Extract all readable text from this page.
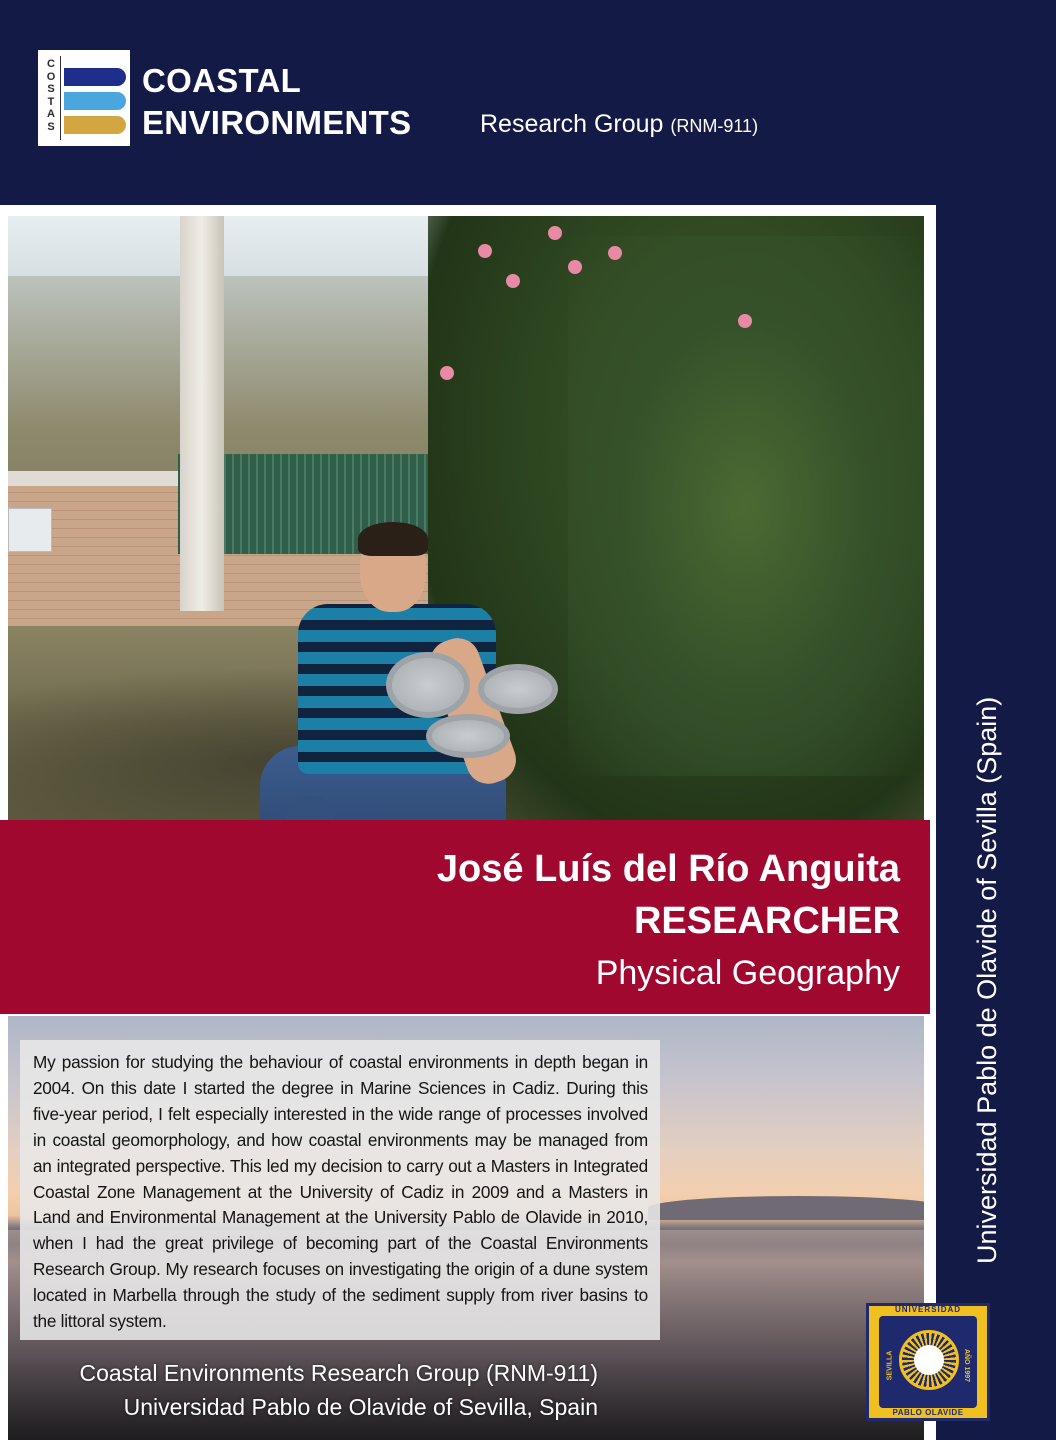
C
O
S
T
A
S
COASTAL
ENVIRONMENTS	Research Group (RNM-911)
José Luís del Río Anguita
RESEARCHER
Physical Geography
My passion for studying the behaviour of coastal environments in depth began in 2004. On this date I started the degree in Marine Sciences in Cadiz. During this five-year period, I felt especially interested in the wide range of processes involved in coastal geomorphology, and how coastal environments may be managed from an integrated perspective. This led my decision to carry out a Masters in Integrated Coastal Zone Management at the University of Cadiz in 2009 and a Masters in Land and Environmental Management at the University Pablo de Olavide in 2010, when I had the great privilege of becoming part of the Coastal Environments Research Group. My research focuses on investigating the origin of a dune system located in Marbella through the study of the sediment supply from river basins to the littoral system.
Coastal Environments Research Group (RNM-911)
Universidad Pablo de Olavide of Sevilla, Spain
UNIVERSIDAD
SEVILLA	AÑO 1997
PABLO OLAVIDE
Universidad Pablo de Olavide of Sevilla (Spain)
